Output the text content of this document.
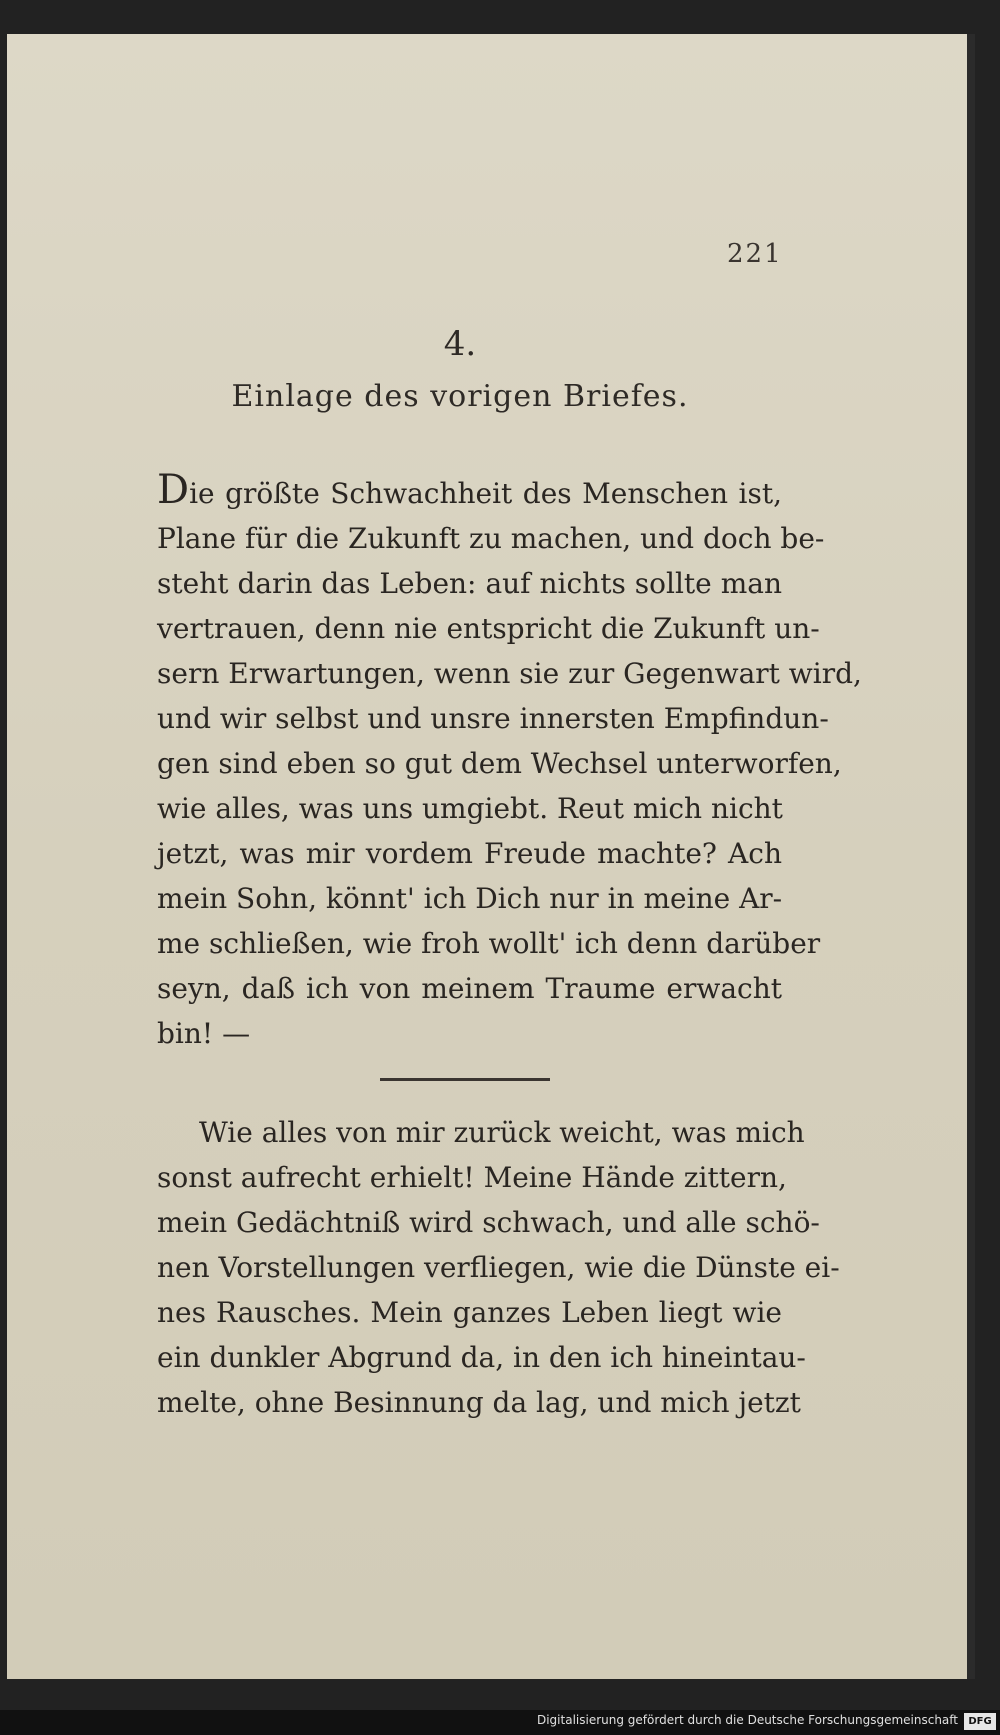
221
4.
Einlage des vorigen Briefes.
Die größte Schwachheit des Menschen ist,
Plane für die Zukunft zu machen, und doch be-
steht darin das Leben: auf nichts sollte man
vertrauen, denn nie entspricht die Zukunft un-
sern Erwartungen, wenn sie zur Gegenwart wird,
und wir selbst und unsre innersten Empfindun-
gen sind eben so gut dem Wechsel unterworfen,
wie alles, was uns umgiebt. Reut mich nicht
jetzt, was mir vordem Freude machte? Ach
mein Sohn, könnt' ich Dich nur in meine Ar-
me schließen, wie froh wollt' ich denn darüber
seyn, daß ich von meinem Traume erwacht
bin! —
Wie alles von mir zurück weicht, was mich
sonst aufrecht erhielt! Meine Hände zittern,
mein Gedächtniß wird schwach, und alle schö-
nen Vorstellungen verfliegen, wie die Dünste ei-
nes Rausches. Mein ganzes Leben liegt wie
ein dunkler Abgrund da, in den ich hineintau-
melte, ohne Besinnung da lag, und mich jetzt
Digitalisierung gefördert durch die Deutsche Forschungsgemeinschaft	DFG
